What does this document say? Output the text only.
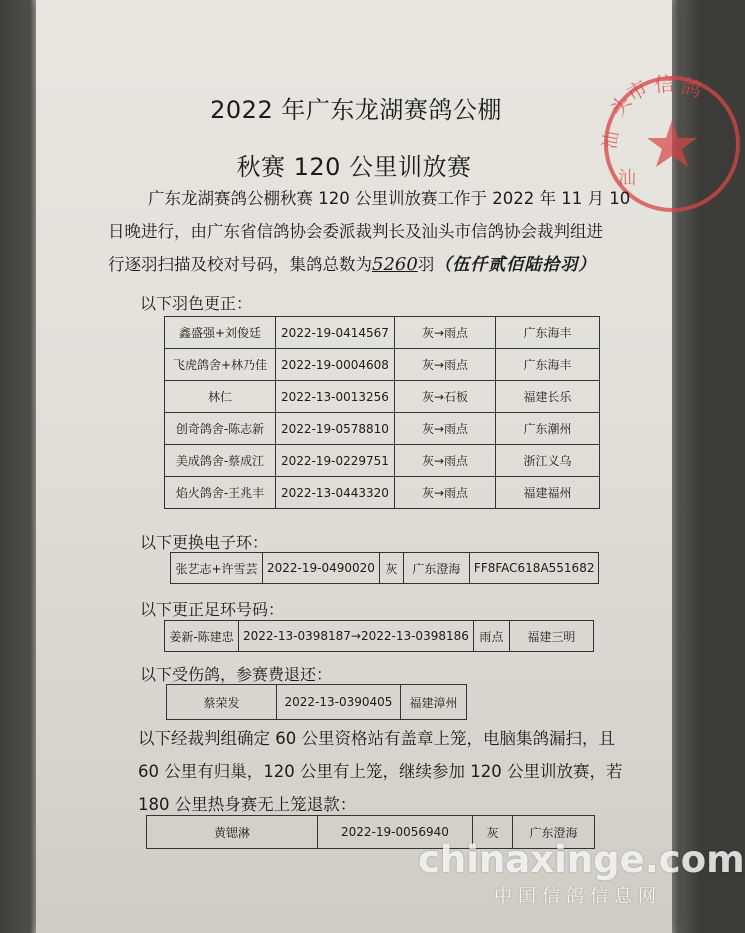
头
市 信 鸽
汕
汕
2022 年广东龙湖赛鸽公棚
秋赛 120 公里训放赛
广东龙湖赛鸽公棚秋赛 120 公里训放赛工作于 2022 年 11 月 10
日晚进行，由广东省信鸽协会委派裁判长及汕头市信鸽协会裁判组进
行逐羽扫描及校对号码，集鸽总数为5260羽（伍仟贰佰陆拾羽）
以下羽色更正：
鑫盛强+刘俊廷	2022-19-0414567	灰→雨点	广东海丰
飞虎鸽舍+林乃佳	2022-19-0004608	灰→雨点	广东海丰
林仁	2022-13-0013256	灰→石板	福建长乐
创奇鸽舍-陈志新	2022-19-0578810	灰→雨点	广东潮州
美成鸽舍-蔡成江	2022-19-0229751	灰→雨点	浙江义乌
焰火鸽舍-王兆丰	2022-13-0443320	灰→雨点	福建福州
以下更换电子环：
张艺志+许雪芸	2022-19-0490020	灰	广东澄海	FF8FAC618A551682
以下更正足环号码：
姜新-陈建忠	2022-13-0398187→2022-13-0398186	雨点	福建三明
以下受伤鸽，参赛费退还：
蔡荣发	2022-13-0390405	福建漳州
以下经裁判组确定 60 公里资格站有盖章上笼，电脑集鸽漏扫，且
60 公里有归巢，120 公里有上笼，继续参加 120 公里训放赛，若
180 公里热身赛无上笼退款：
黄锶淋	2022-19-0056940	灰	广东澄海
chinaxinge.com
中国信鸽信息网
